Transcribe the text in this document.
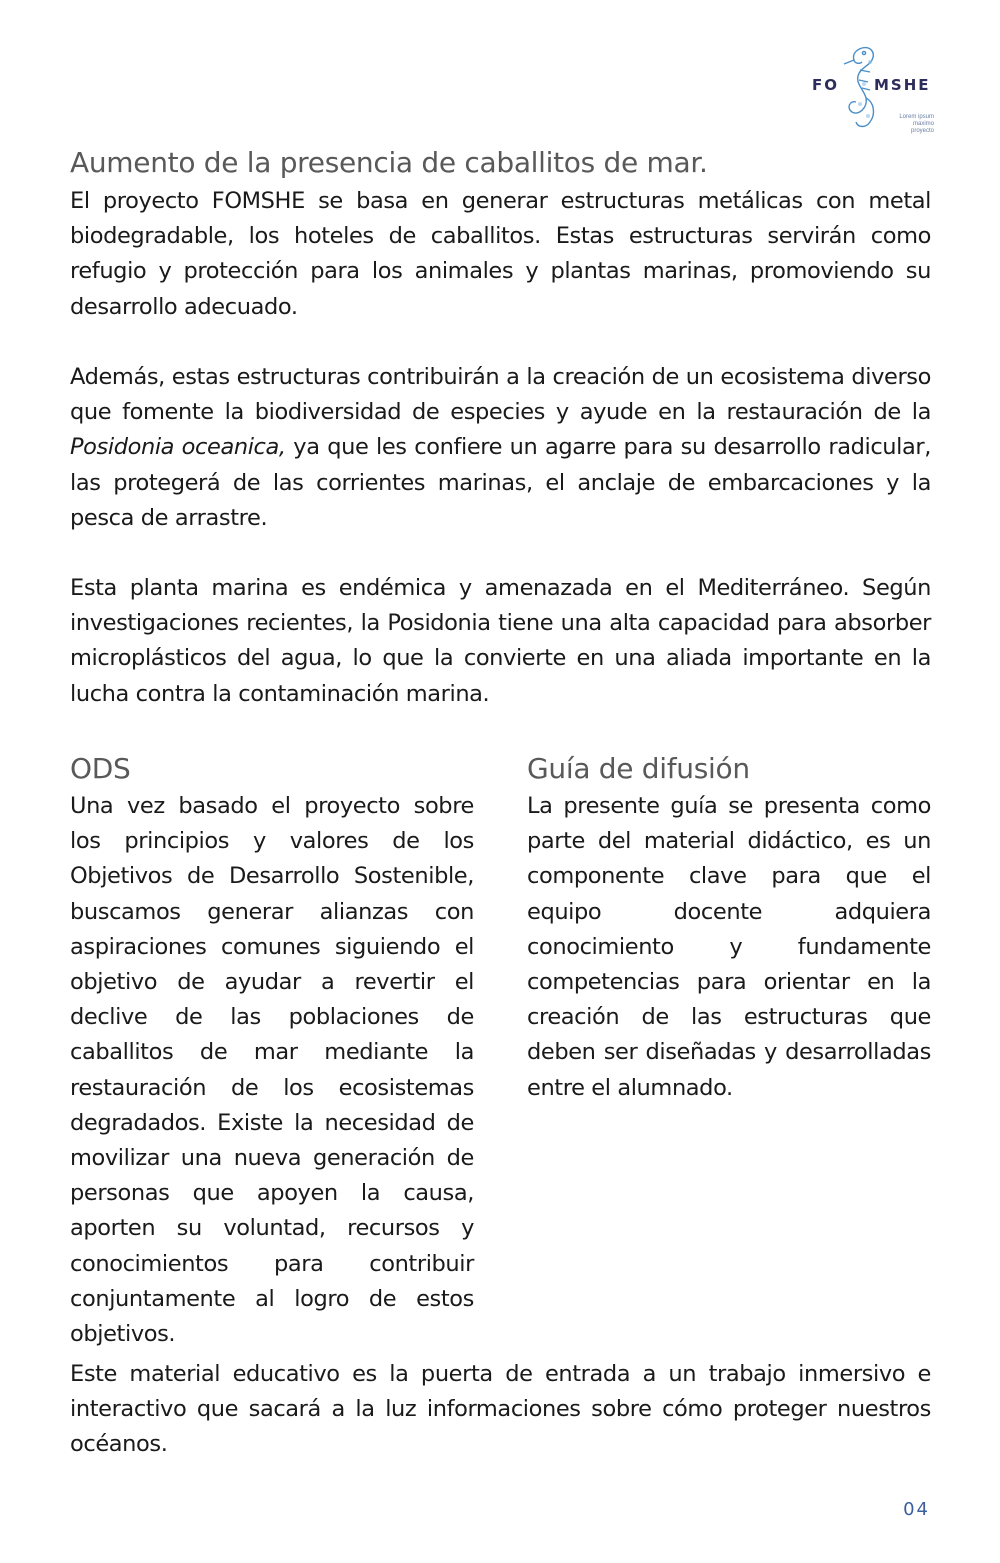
FO MSHE
Lorem ipsum maximo proyecto
Aumento de la presencia de caballitos de mar.

El proyecto FOMSHE se basa en generar estructuras metálicas con metal biodegradable, los hoteles de caballitos. Estas estructuras servirán como refugio y protección para los animales y plantas marinas, promoviendo su desarrollo adecuado.

Además, estas estructuras contribuirán a la creación de un ecosistema diverso que fomente la biodiversidad de especies y ayude en la restauración de la Posidonia oceanica, ya que les confiere un agarre para su desarrollo radicular, las protegerá de las corrientes marinas, el anclaje de embarcaciones y la pesca de arrastre.

Esta planta marina es endémica y amenazada en el Mediterráneo. Según investigaciones recientes, la Posidonia tiene una alta capacidad para absorber microplásticos del agua, lo que la convierte en una aliada importante en la lucha contra la contaminación marina.

ODS

Una vez basado el proyecto sobre los principios y valores de los Objetivos de Desarrollo Sostenible, buscamos generar alianzas con aspiraciones comunes siguiendo el objetivo de ayudar a revertir el declive de las poblaciones de caballitos de mar mediante la restauración de los ecosistemas degradados. Existe la necesidad de movilizar una nueva generación de personas que apoyen la causa, aporten su voluntad, recursos y conocimientos para contribuir conjuntamente al logro de estos objetivos.

Guía de difusión

La presente guía se presenta como parte del material didáctico, es un componente clave para que el equipo docente adquiera conocimiento y fundamente competencias para orientar en la creación de las estructuras que deben ser diseñadas y desarrolladas entre el alumnado.

Este material educativo es la puerta de entrada a un trabajo inmersivo e interactivo que sacará a la luz informaciones sobre cómo proteger nuestros océanos.

04
